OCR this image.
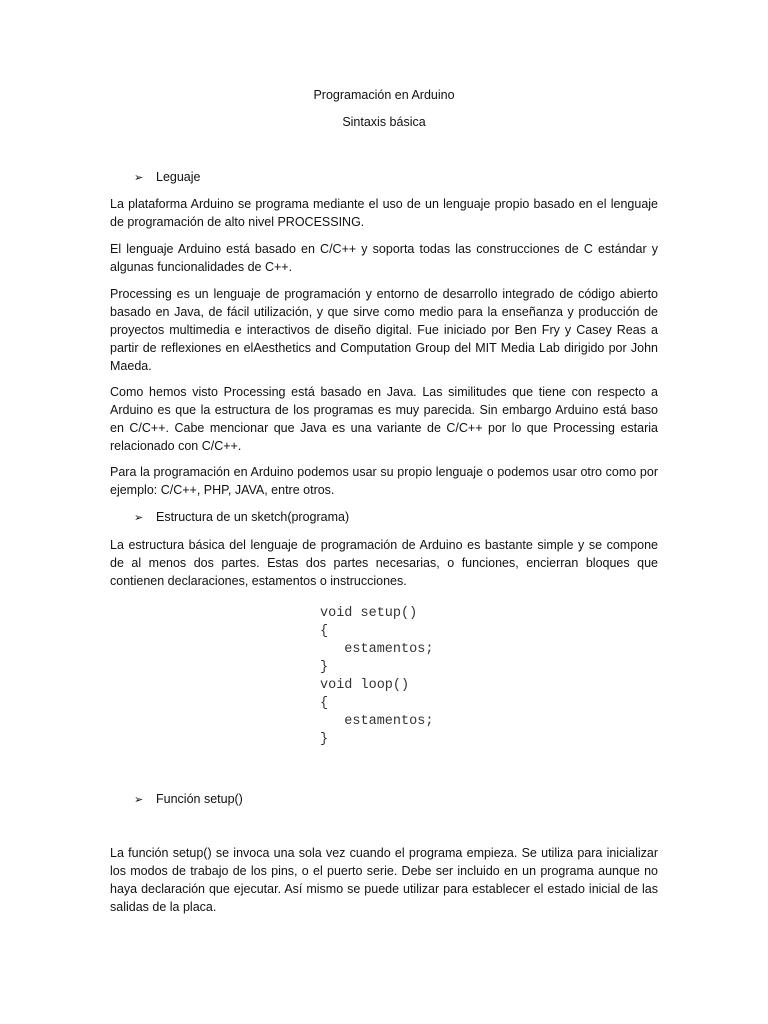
Programación en Arduino
Sintaxis básica
➢ Leguaje
La plataforma Arduino se programa mediante el uso de un lenguaje propio basado en el lenguaje de programación de alto nivel PROCESSING.
El lenguaje Arduino está basado en C/C++ y soporta todas las construcciones de C estándar y algunas funcionalidades de C++.
Processing es un lenguaje de programación y entorno de desarrollo integrado de código abierto basado en Java, de fácil utilización, y que sirve como medio para la enseñanza y producción de proyectos multimedia e interactivos de diseño digital. Fue iniciado por Ben Fry y Casey Reas a partir de reflexiones en elAesthetics and Computation Group del MIT Media Lab dirigido por John Maeda.
Como hemos visto Processing está basado en Java. Las similitudes que tiene con respecto a Arduino es que la estructura de los programas es muy parecida. Sin embargo Arduino está baso en C/C++. Cabe mencionar que Java es una variante de C/C++ por lo que Processing estaria relacionado con C/C++.
Para la programación en Arduino podemos usar su propio lenguaje o podemos usar otro como por ejemplo: C/C++, PHP, JAVA, entre otros.
➢ Estructura de un sketch(programa)
La estructura básica del lenguaje de programación de Arduino es bastante simple y se compone de al menos dos partes. Estas dos partes necesarias, o funciones, encierran bloques que contienen declaraciones, estamentos o instrucciones.
void setup()
{
estamentos;
}
void loop()
{
estamentos;
}
➢ Función setup()
La función setup() se invoca una sola vez cuando el programa empieza. Se utiliza para inicializar los modos de trabajo de los pins, o el puerto serie. Debe ser incluido en un programa aunque no haya declaración que ejecutar. Así mismo se puede utilizar para establecer el estado inicial de las salidas de la placa.
